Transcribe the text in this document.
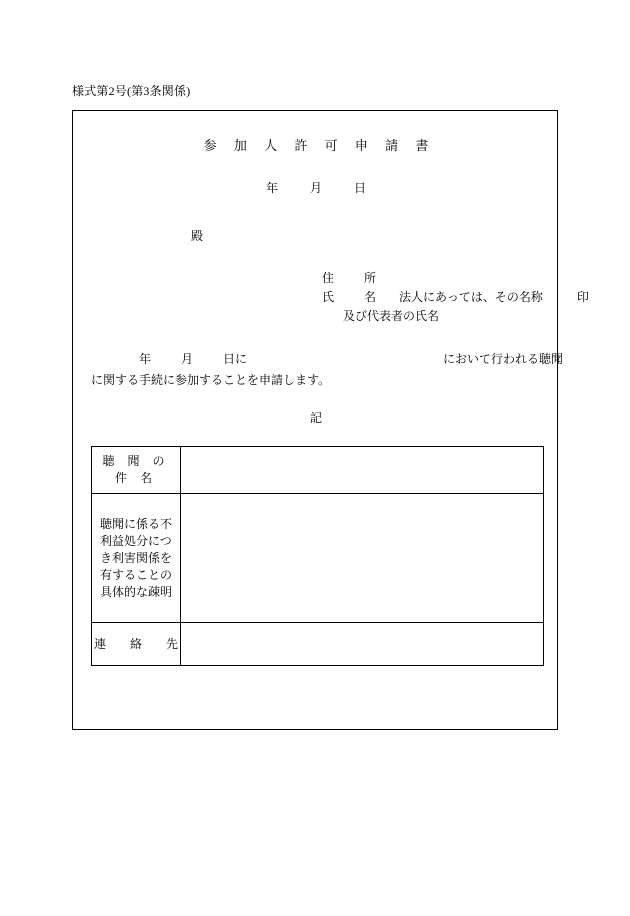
様式第2号(第3条関係)
参 加 人 許 可 申 請 書
年	月	日
殿
住　所
氏　名 法人にあっては、その名称	印
及び代表者の氏名
年	月	日に	において行われる聴聞
に関する手続に参加することを申請します。
記
聴 聞 の 件 名	
聴聞に係る不
利益処分につ
き利害関係を
有することの
具体的な疎明	
連　　絡　　先	
